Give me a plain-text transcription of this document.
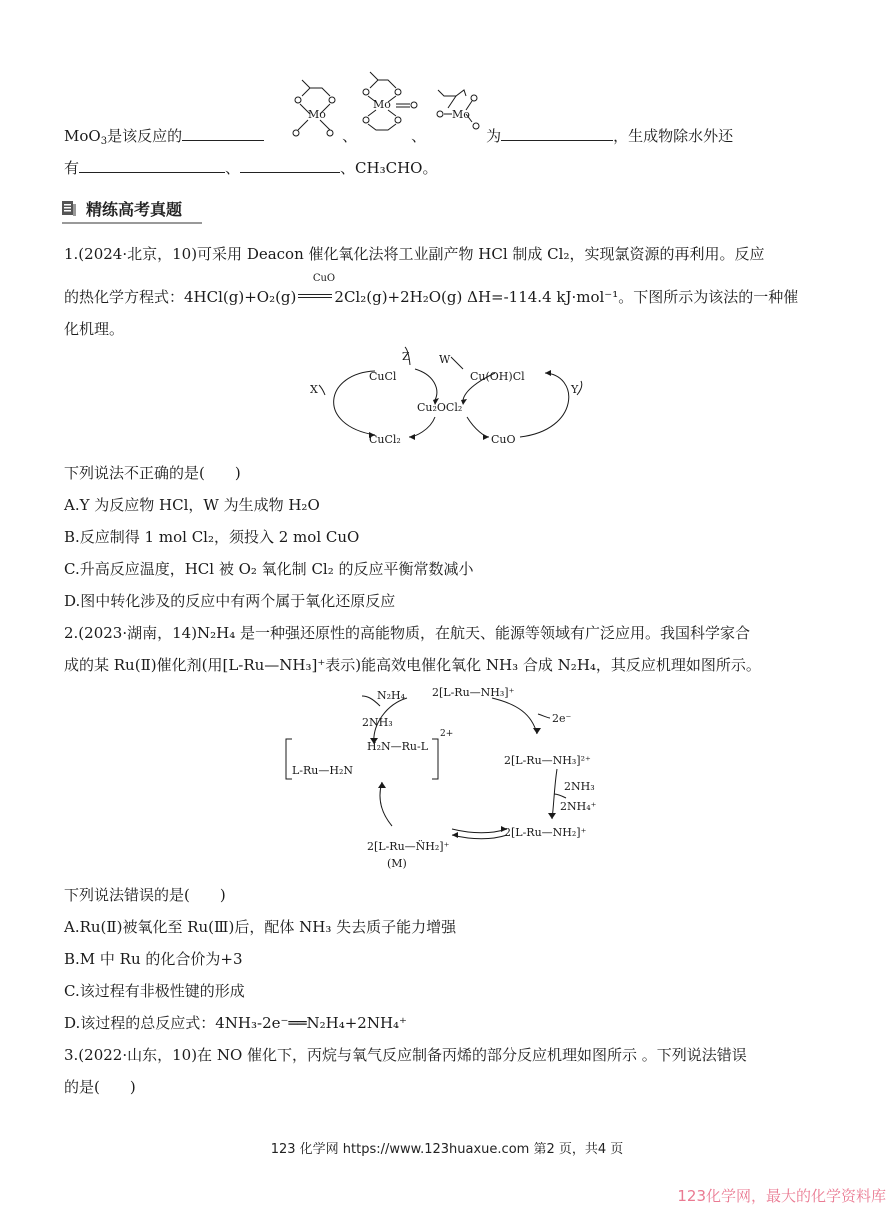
Mo
Mo
Mo
MoO$_3$是该反应的	、	、	为	，生成物除水外还
有	、	、CH₃CHO。
精练高考真题
1.(2024·北京，10)可采用 Deacon 催化氧化法将工业副产物 HCl 制成 Cl₂，实现氯资源的再利用。反应
的热化学方程式：4HCl(g)+O₂(g)	2Cl₂(g)+2H₂O(g) ΔH=-114.4 kJ·mol⁻¹。下图所示为该法的一种催
CuO
化机理。
CuCl	Cu(OH)Cl
Cu₂OCl₂
CuCl₂	CuO
X	Y
Z	W
下列说法不正确的是(　　)
A.Y 为反应物 HCl，W 为生成物 H₂O
B.反应制得 1 mol Cl₂，须投入 2 mol CuO
C.升高反应温度，HCl 被 O₂ 氧化制 Cl₂ 的反应平衡常数减小
D.图中转化涉及的反应中有两个属于氧化还原反应
2.(2023·湖南，14)N₂H₄ 是一种强还原性的高能物质，在航天、能源等领域有广泛应用。我国科学家合
成的某 Ru(Ⅱ)催化剂(用[L-Ru—NH₃]⁺表示)能高效电催化氧化 NH₃ 合成 N₂H₄，其反应机理如图所示。
N₂H₄ 2[L-Ru—NH₃]⁺
2e⁻
2NH₃
H₂N—Ru-L
2+
L-Ru—H₂N
2[L-Ru—NH₃]²⁺
2NH₃
2NH₄⁺
2[L-Ru—NH₂]⁺
2[L-Ru—N̈H₂]⁺
(M)
下列说法错误的是(　　)
A.Ru(Ⅱ)被氧化至 Ru(Ⅲ)后，配体 NH₃ 失去质子能力增强
B.M 中 Ru 的化合价为+3
C.该过程有非极性键的形成
D.该过程的总反应式：4NH₃-2e⁻══N₂H₄+2NH₄⁺
3.(2022·山东，10)在 NO 催化下，丙烷与氧气反应制备丙烯的部分反应机理如图所示 。下列说法错误
的是(　　)
123 化学网 https://www.123huaxue.com 第2 页，共4 页
123化学网，最大的化学资料库
